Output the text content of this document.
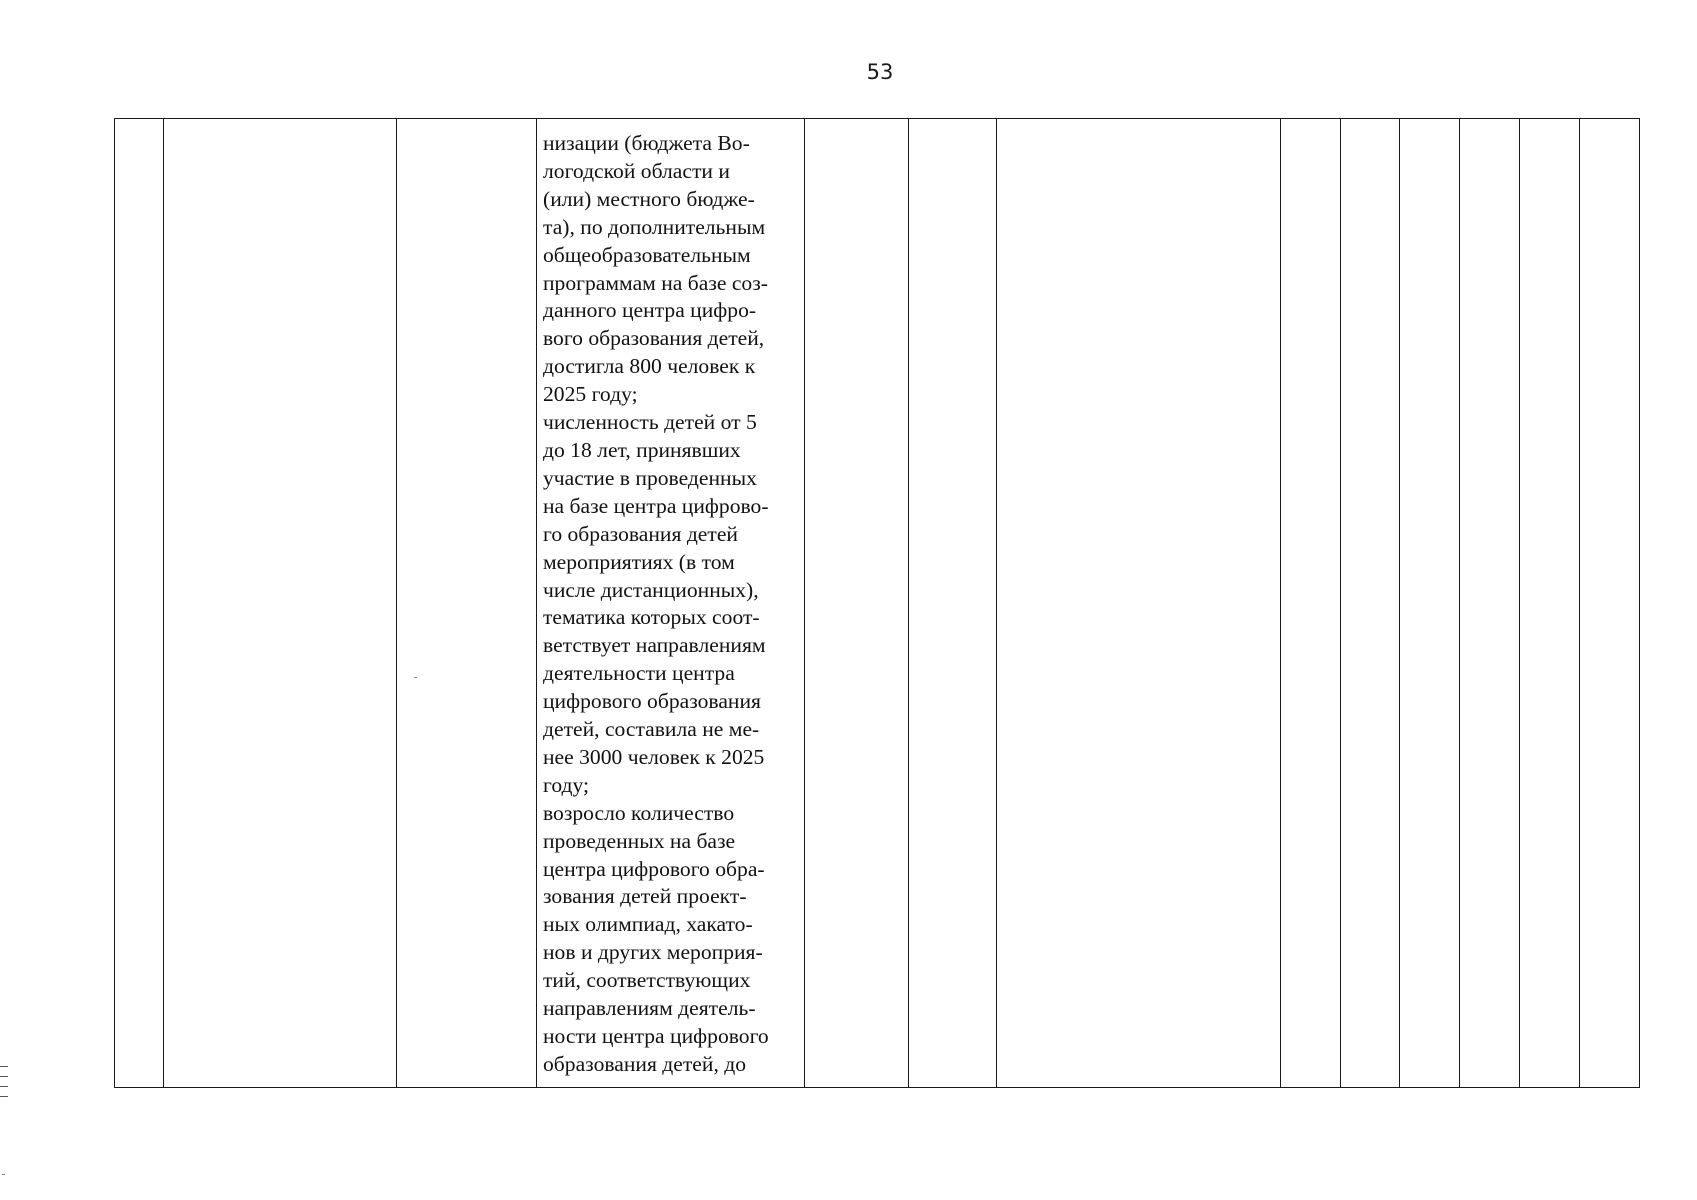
53
низации (бюджета Во-
логодской области и
(или) местного бюдже-
та), по дополнительным
общеобразовательным
программам на базе соз-
данного центра цифро-
вого образования детей,
достигла 800 человек к
2025 году;
численность детей от 5
до 18 лет, принявших
участие в проведенных
на базе центра цифрово-
го образования детей
мероприятиях (в том
числе дистанционных),
тематика которых соот-
ветствует направлениям
деятельности центра
цифрового образования
детей, составила не ме-
нее 3000 человек к 2025
году;
возросло количество
проведенных на базе
центра цифрового обра-
зования детей проект-
ных олимпиад, хакато-
нов и других мероприя-
тий, соответствующих
направлениям деятель-
ности центра цифрового
образования детей, до
